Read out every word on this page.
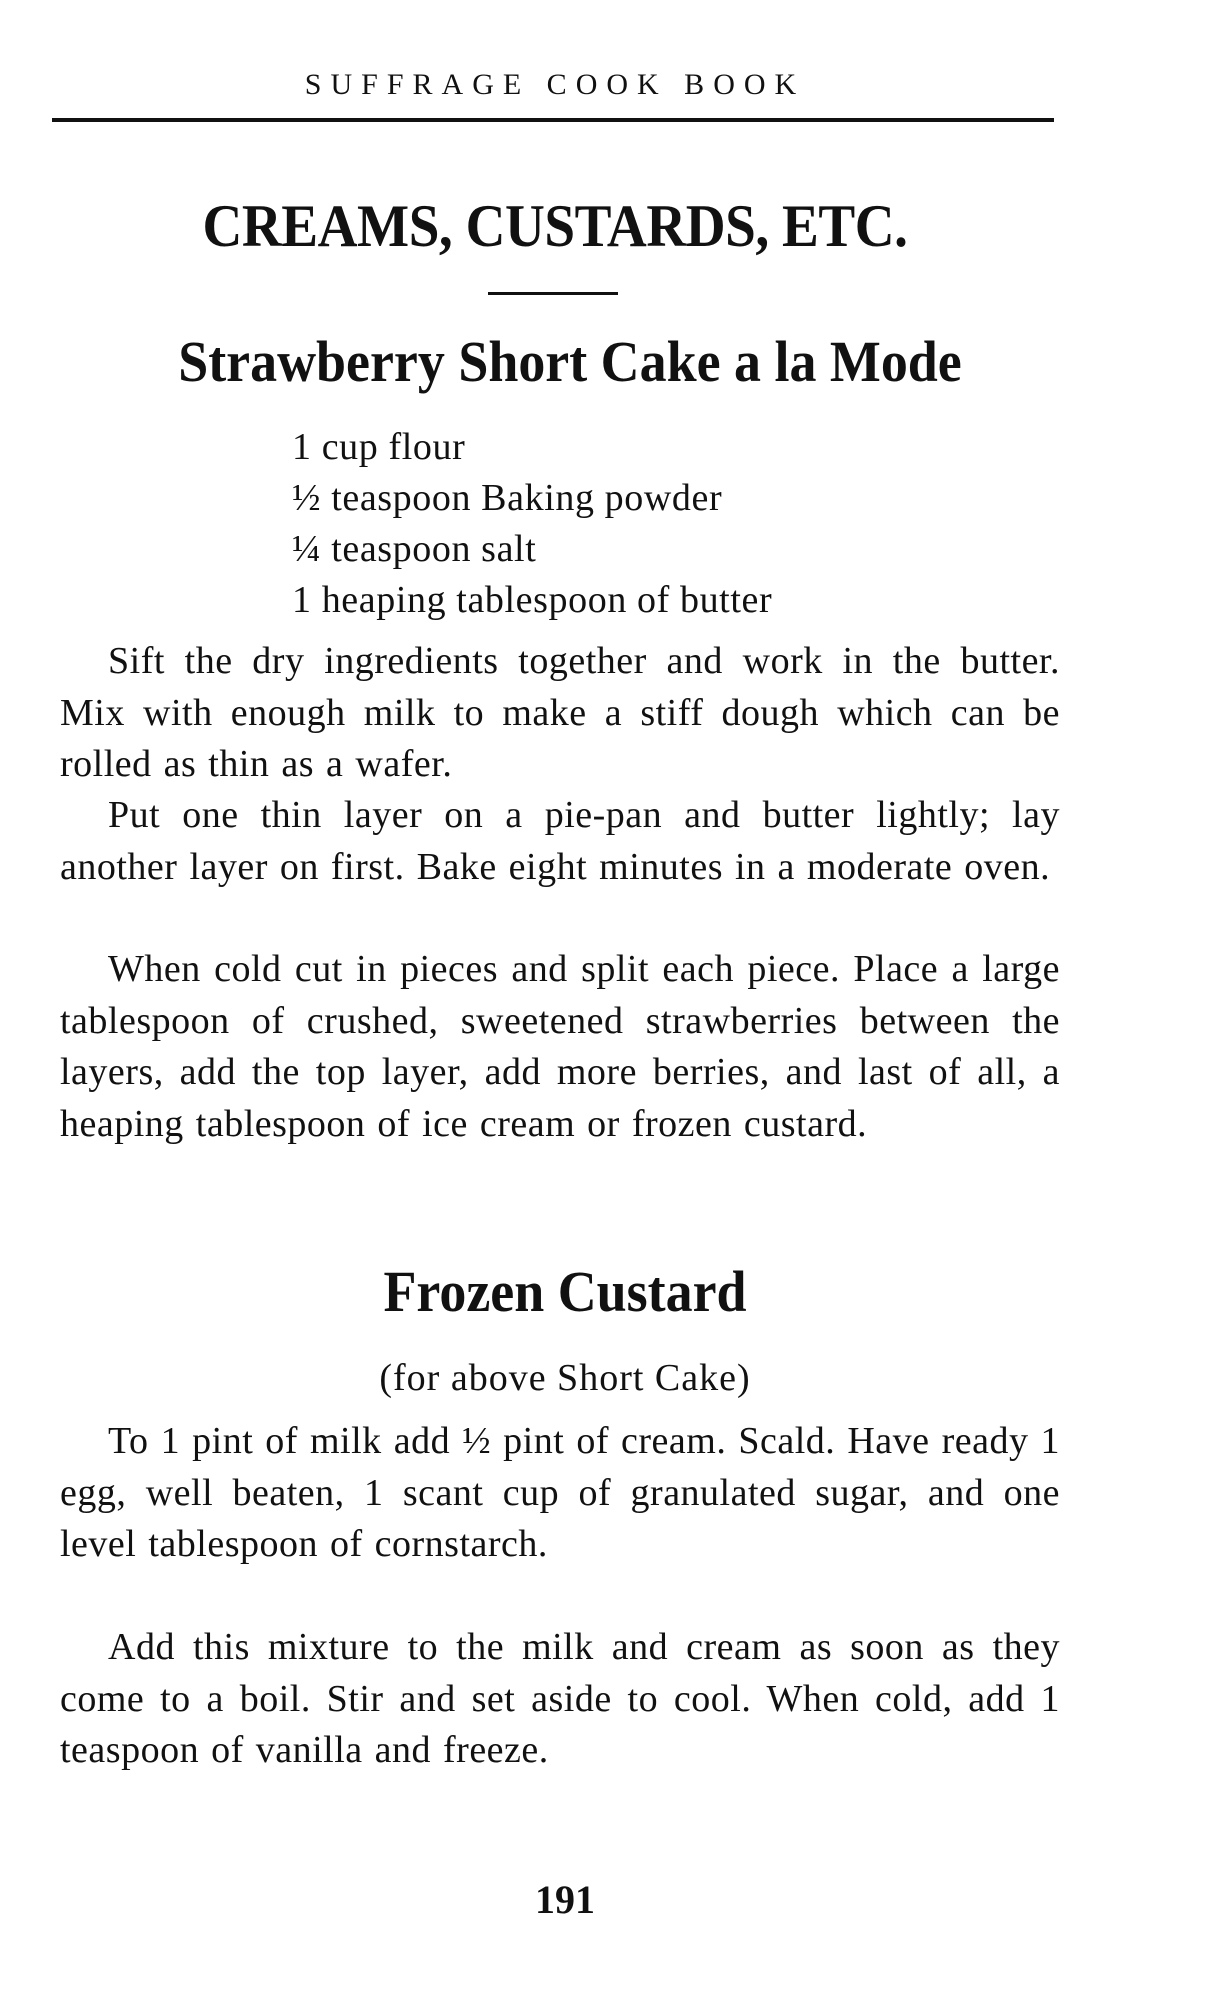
SUFFRAGE COOK BOOK
CREAMS, CUSTARDS, ETC.
Strawberry Short Cake a la Mode
1 cup flour
½ teaspoon Baking powder
¼ teaspoon salt
1 heaping tablespoon of butter

Sift the dry ingredients together and work in the butter. Mix with enough milk to make a stiff dough which can be rolled as thin as a wafer.

Put one thin layer on a pie-pan and butter lightly; lay another layer on first. Bake eight minutes in a moderate oven.

When cold cut in pieces and split each piece. Place a large tablespoon of crushed, sweetened strawberries between the layers, add the top layer, add more berries, and last of all, a heaping tablespoon of ice cream or frozen custard.

Frozen Custard
(for above Short Cake)

To 1 pint of milk add ½ pint of cream. Scald. Have ready 1 egg, well beaten, 1 scant cup of granulated sugar, and one level tablespoon of cornstarch.

Add this mixture to the milk and cream as soon as they come to a boil. Stir and set aside to cool. When cold, add 1 teaspoon of vanilla and freeze.

191
